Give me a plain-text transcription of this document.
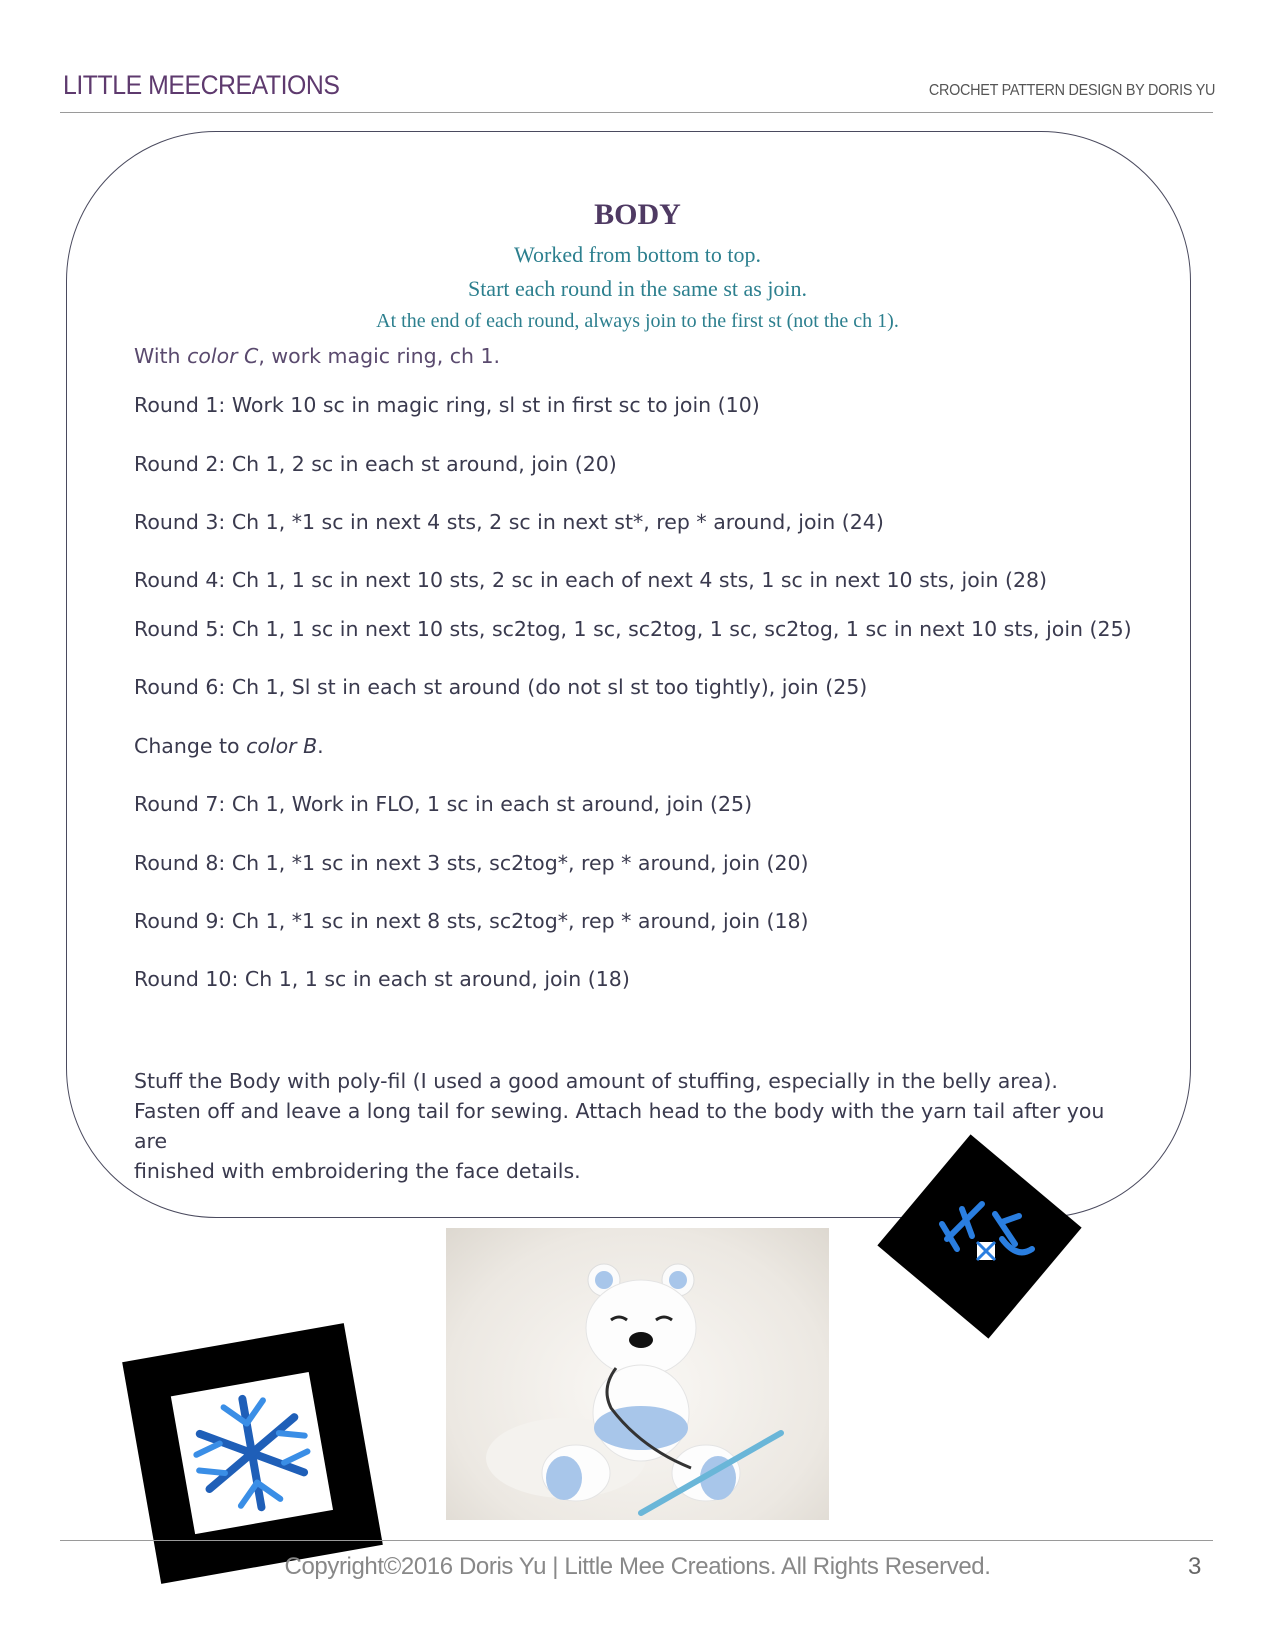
LITTLE MEECREATIONS	CROCHET PATTERN DESIGN BY DORIS YU
BODY
Worked from bottom to top.
Start each round in the same st as join.
At the end of each round, always join to the first st (not the ch 1).
With color C, work magic ring, ch 1.
Round 1: Work 10 sc in magic ring, sl st in first sc to join (10)
Round 2: Ch 1, 2 sc in each st around, join (20)
Round 3: Ch 1, *1 sc in next 4 sts, 2 sc in next st*, rep * around, join (24)
Round 4: Ch 1, 1 sc in next 10 sts, 2 sc in each of next 4 sts, 1 sc in next 10 sts, join (28)
Round 5: Ch 1, 1 sc in next 10 sts, sc2tog, 1 sc, sc2tog, 1 sc, sc2tog, 1 sc in next 10 sts, join (25)
Round 6: Ch 1, Sl st in each st around (do not sl st too tightly), join (25)
Change to color B.
Round 7: Ch 1, Work in FLO, 1 sc in each st around, join (25)
Round 8: Ch 1, *1 sc in next 3 sts, sc2tog*, rep * around, join (20)
Round 9: Ch 1, *1 sc in next 8 sts, sc2tog*, rep * around, join (18)
Round 10: Ch 1, 1 sc in each st around, join (18)
Stuff the Body with poly-fil (I used a good amount of stuffing, especially in the belly area).
Fasten off and leave a long tail for sewing. Attach head to the body with the yarn tail after you are
finished with embroidering the face details.
Copyright©2016 Doris Yu | Little Mee Creations. All Rights Reserved.	3
